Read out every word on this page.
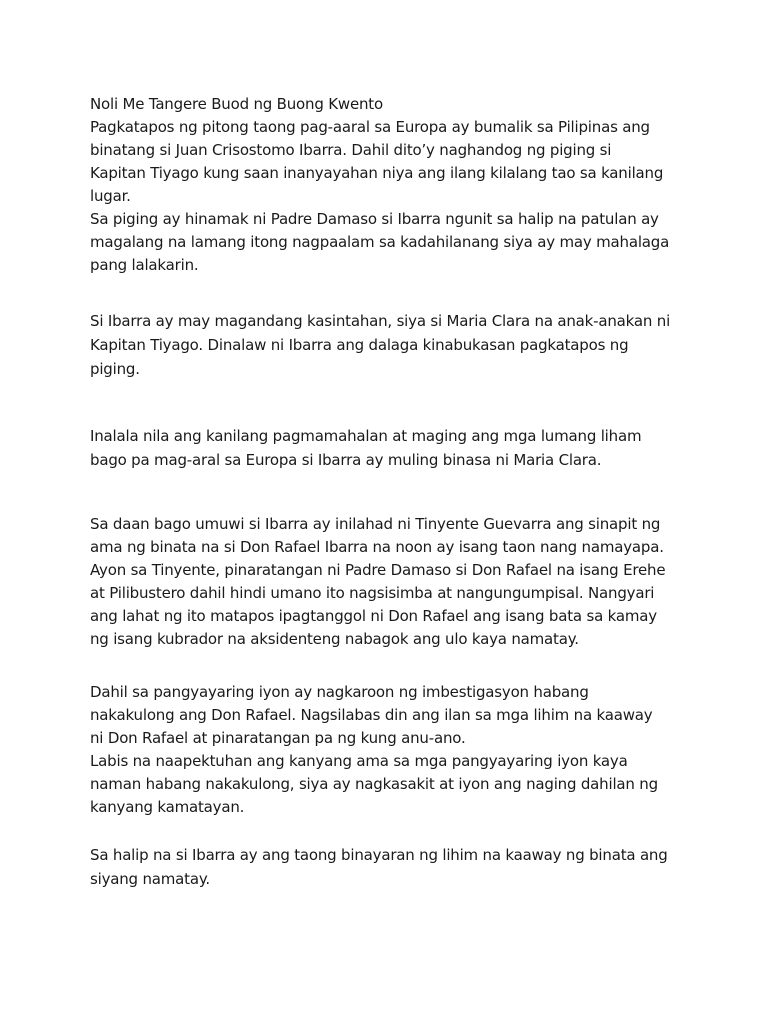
Noli Me Tangere Buod ng Buong Kwento
Pagkatapos ng pitong taong pag-aaral sa Europa ay bumalik sa Pilipinas ang
binatang si Juan Crisostomo Ibarra. Dahil dito’y naghandog ng piging si
Kapitan Tiyago kung saan inanyayahan niya ang ilang kilalang tao sa kanilang
lugar.
Sa piging ay hinamak ni Padre Damaso si Ibarra ngunit sa halip na patulan ay
magalang na lamang itong nagpaalam sa kadahilanang siya ay may mahalaga
pang lalakarin.
Si Ibarra ay may magandang kasintahan, siya si Maria Clara na anak-anakan ni
Kapitan Tiyago. Dinalaw ni Ibarra ang dalaga kinabukasan pagkatapos ng
piging.
Inalala nila ang kanilang pagmamahalan at maging ang mga lumang liham
bago pa mag-aral sa Europa si Ibarra ay muling binasa ni Maria Clara.
Sa daan bago umuwi si Ibarra ay inilahad ni Tinyente Guevarra ang sinapit ng
ama ng binata na si Don Rafael Ibarra na noon ay isang taon nang namayapa.
Ayon sa Tinyente, pinaratangan ni Padre Damaso si Don Rafael na isang Erehe
at Pilibustero dahil hindi umano ito nagsisimba at nangungumpisal. Nangyari
ang lahat ng ito matapos ipagtanggol ni Don Rafael ang isang bata sa kamay
ng isang kubrador na aksidenteng nabagok ang ulo kaya namatay.
Dahil sa pangyayaring iyon ay nagkaroon ng imbestigasyon habang
nakakulong ang Don Rafael. Nagsilabas din ang ilan sa mga lihim na kaaway
ni Don Rafael at pinaratangan pa ng kung anu-ano.
Labis na naapektuhan ang kanyang ama sa mga pangyayaring iyon kaya
naman habang nakakulong, siya ay nagkasakit at iyon ang naging dahilan ng
kanyang kamatayan.
Sa halip na si Ibarra ay ang taong binayaran ng lihim na kaaway ng binata ang
siyang namatay.
